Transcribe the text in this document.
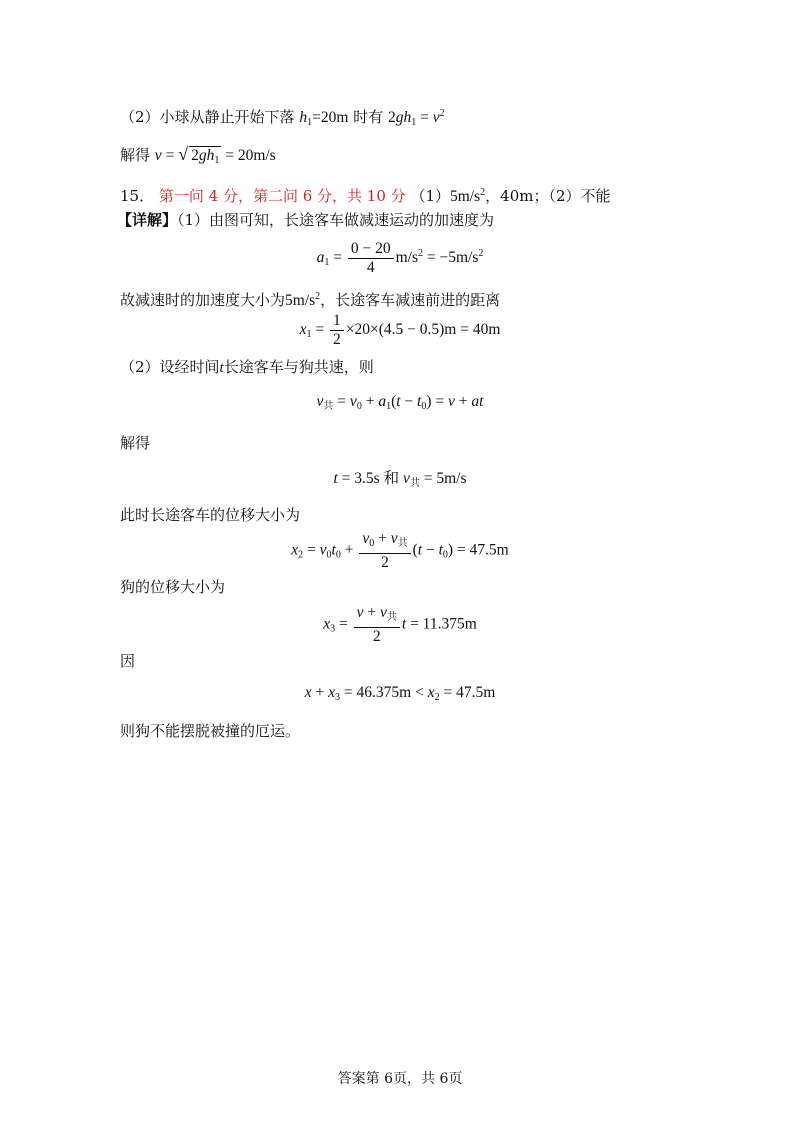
（2）小球从静止开始下落 $h_1=20m$ 时有 $2gh_1 = v^2$
解得 v = √ $2gh_1 = 20m/s$
15． 第一问 4 分，第二问 6 分，共 10 分 $(1)5m/s^2$，40m；（2）不能
【详解】（1）由图可知，长途客车做减速运动的加速度为
$a_1 = \frac{0 - 20}{4} m/s^2 = -5m/s^2$
故减速时的加速度大小为$5m/s^2$，长途客车减速前进的距离
$x_1 = \frac{1}{2} \times 20\times(4.5 - 0.5)m = 40m$
（2）设经时间t长途客车与狗共速，则
$v_共 = v_0 + a_1(t - t_0) = v$ + at
解得
t = 3.5s 和 $v_共 = 5m/s$
此时长途客车的位移大小为
$x_2 = v_0t_0 + \frac{v_0 + v_共}{2} (t - t_0) = 47.5m$
狗的位移大小为
$x_3 = \frac{v + v_共}{2}$ t = 11.375m
因
$x + x_3 = 46.375m < x_2 = 47.5m$
则狗不能摆脱被撞的厄运。
答案第 6页，共 6页
